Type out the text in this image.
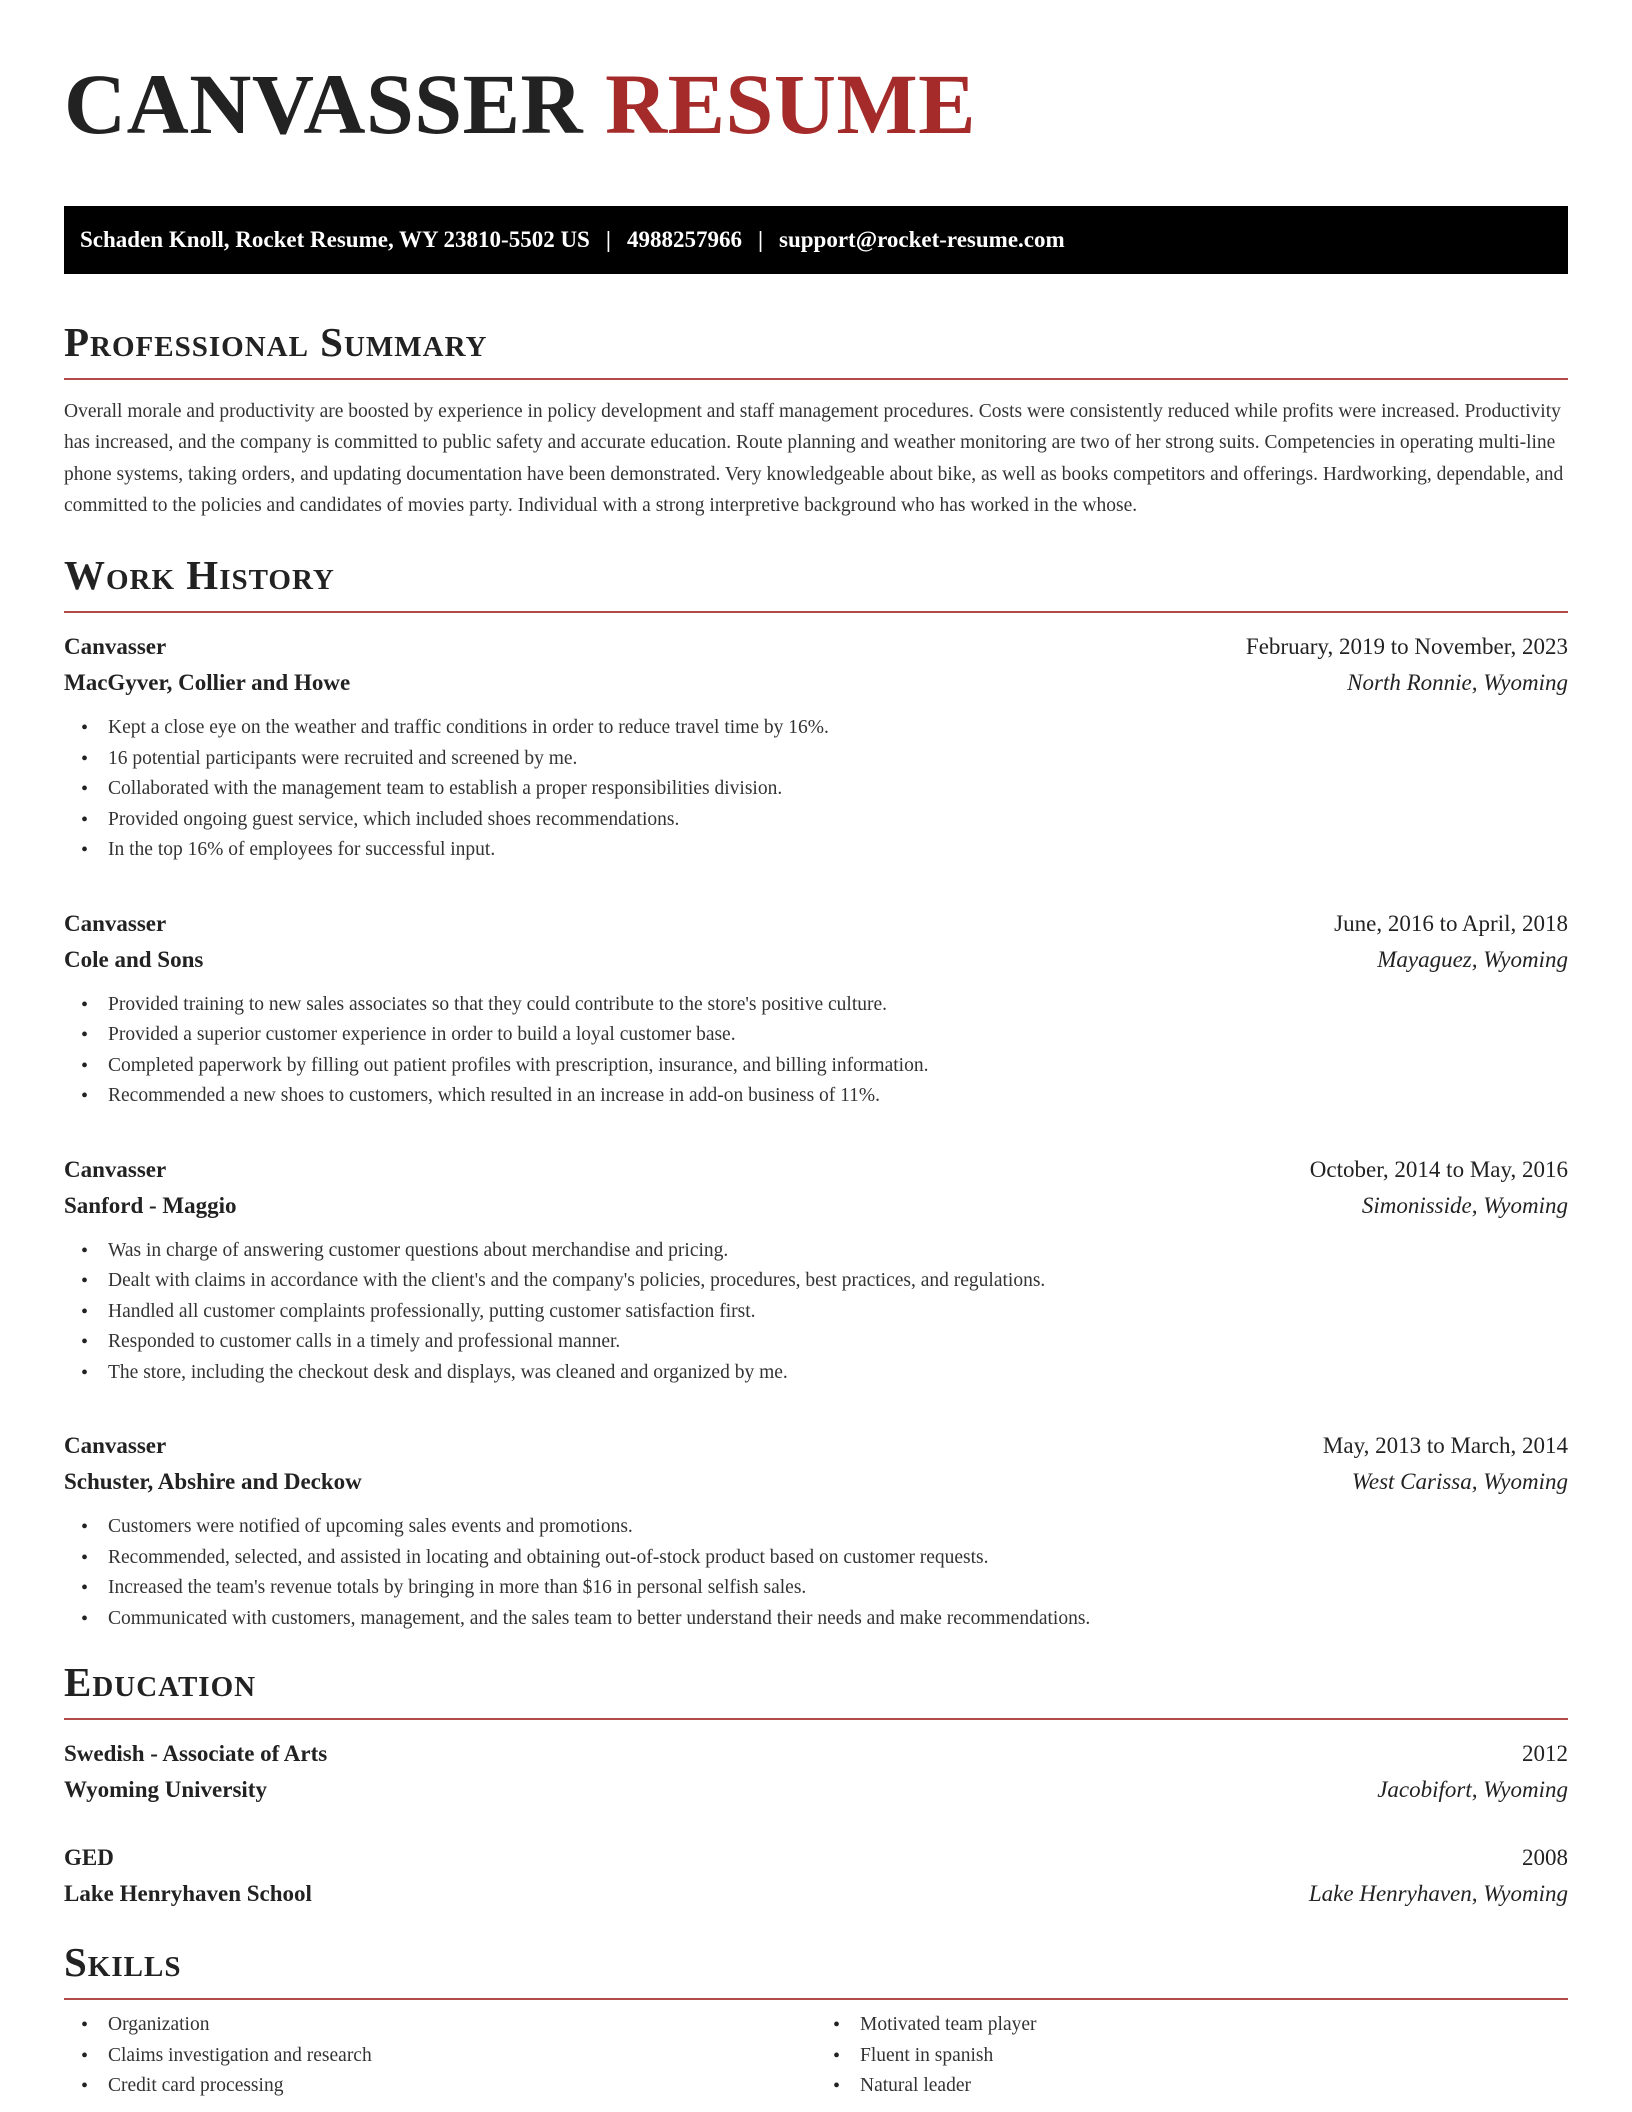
CANVASSER RESUME
Schaden Knoll, Rocket Resume, WY 23810-5502 US | 4988257966 | support@rocket-resume.com
Professional Summary

Overall morale and productivity are boosted by experience in policy development and staff management procedures. Costs were consistently reduced while profits were increased. Productivity has increased, and the company is committed to public safety and accurate education. Route planning and weather monitoring are two of her strong suits. Competencies in operating multi-line phone systems, taking orders, and updating documentation have been demonstrated. Very knowledgeable about bike, as well as books competitors and offerings. Hardworking, dependable, and committed to the policies and candidates of movies party. Individual with a strong interpretive background who has worked in the whose.

Work History
Canvasser	February, 2019 to November, 2023
MacGyver, Collier and Howe	North Ronnie, Wyoming
• Kept a close eye on the weather and traffic conditions in order to reduce travel time by 16%.
• 16 potential participants were recruited and screened by me.
• Collaborated with the management team to establish a proper responsibilities division.
• Provided ongoing guest service, which included shoes recommendations.
• In the top 16% of employees for successful input.
Canvasser	June, 2016 to April, 2018
Cole and Sons	Mayaguez, Wyoming
• Provided training to new sales associates so that they could contribute to the store's positive culture.
• Provided a superior customer experience in order to build a loyal customer base.
• Completed paperwork by filling out patient profiles with prescription, insurance, and billing information.
• Recommended a new shoes to customers, which resulted in an increase in add-on business of 11%.
Canvasser	October, 2014 to May, 2016
Sanford - Maggio	Simonisside, Wyoming
• Was in charge of answering customer questions about merchandise and pricing.
• Dealt with claims in accordance with the client's and the company's policies, procedures, best practices, and regulations.
• Handled all customer complaints professionally, putting customer satisfaction first.
• Responded to customer calls in a timely and professional manner.
• The store, including the checkout desk and displays, was cleaned and organized by me.
Canvasser	May, 2013 to March, 2014
Schuster, Abshire and Deckow	West Carissa, Wyoming
• Customers were notified of upcoming sales events and promotions.
• Recommended, selected, and assisted in locating and obtaining out-of-stock product based on customer requests.
• Increased the team's revenue totals by bringing in more than $16 in personal selfish sales.
• Communicated with customers, management, and the sales team to better understand their needs and make recommendations.
Education
Swedish - Associate of Arts	2012
Wyoming University	Jacobifort, Wyoming
GED	2008
Lake Henryhaven School	Lake Henryhaven, Wyoming
Skills
• Organization
• Claims investigation and research
• Credit card processing
• Motivated team player
• Fluent in spanish
• Natural leader
